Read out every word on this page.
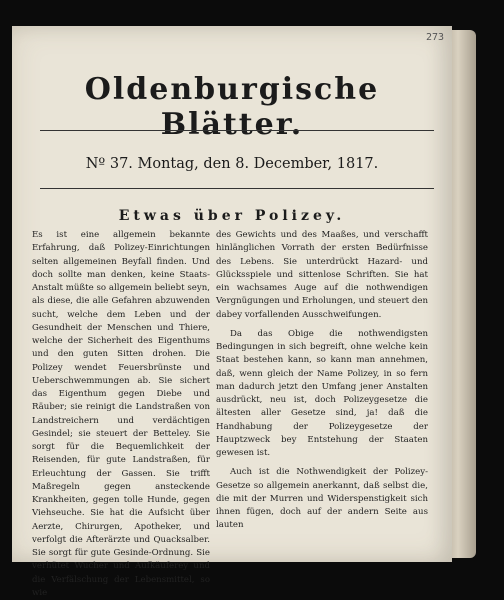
273
Oldenburgische Blätter.

Nº 37. Montag, den 8. December, 1817.

Etwas über Polizey.

Es ist eine allgemein bekannte Erfahrung, daß Polizey-Einrichtungen selten allgemeinen Beyfall finden. Und doch sollte man denken, keine Staats-Anstalt müßte so allgemein beliebt seyn, als diese, die alle Gefahren abzuwenden sucht, welche dem Leben und der Gesundheit der Menschen und Thiere, welche der Sicherheit des Eigenthums und den guten Sitten drohen. Die Polizey wendet Feuersbrünste und Ueberschwemmungen ab. Sie sichert das Eigenthum gegen Diebe und Räuber; sie reinigt die Landstraßen von Landstreichern und verdächtigen Gesindel; sie steuert der Betteley. Sie sorgt für die Bequemlichkeit der Reisenden, für gute Landstraßen, für Erleuchtung der Gassen. Sie trifft Maßregeln gegen ansteckende Krankheiten, gegen tolle Hunde, gegen Viehseuche. Sie hat die Aufsicht über Aerzte, Chirurgen, Apotheker, und verfolgt die Afterärzte und Quacksalber. Sie sorgt für gute Gesinde-Ordnung. Sie verhütet Wucher und Aufkäuferey und die Verfälschung der Lebensmittel, so wie

des Gewichts und des Maaßes, und verschafft hinlänglichen Vorrath der ersten Bedürfnisse des Lebens. Sie unterdrückt Hazard- und Glücksspiele und sittenlose Schriften. Sie hat ein wachsames Auge auf die nothwendigen Vergnügungen und Erholungen, und steuert den dabey vorfallenden Ausschweifungen.

Da das Obige die nothwendigsten Bedingungen in sich begreift, ohne welche kein Staat bestehen kann, so kann man annehmen, daß, wenn gleich der Name Polizey, in so fern man dadurch jetzt den Umfang jener Anstalten ausdrückt, neu ist, doch Polizeygesetze die ältesten aller Gesetze sind, ja! daß die Handhabung der Polizeygesetze der Hauptzweck bey Entstehung der Staaten gewesen ist.

Auch ist die Nothwendigkeit der Polizey-Gesetze so allgemein anerkannt, daß selbst die, die mit der Murren und Widerspenstigkeit sich ihnen fügen, doch auf der andern Seite aus lauten
